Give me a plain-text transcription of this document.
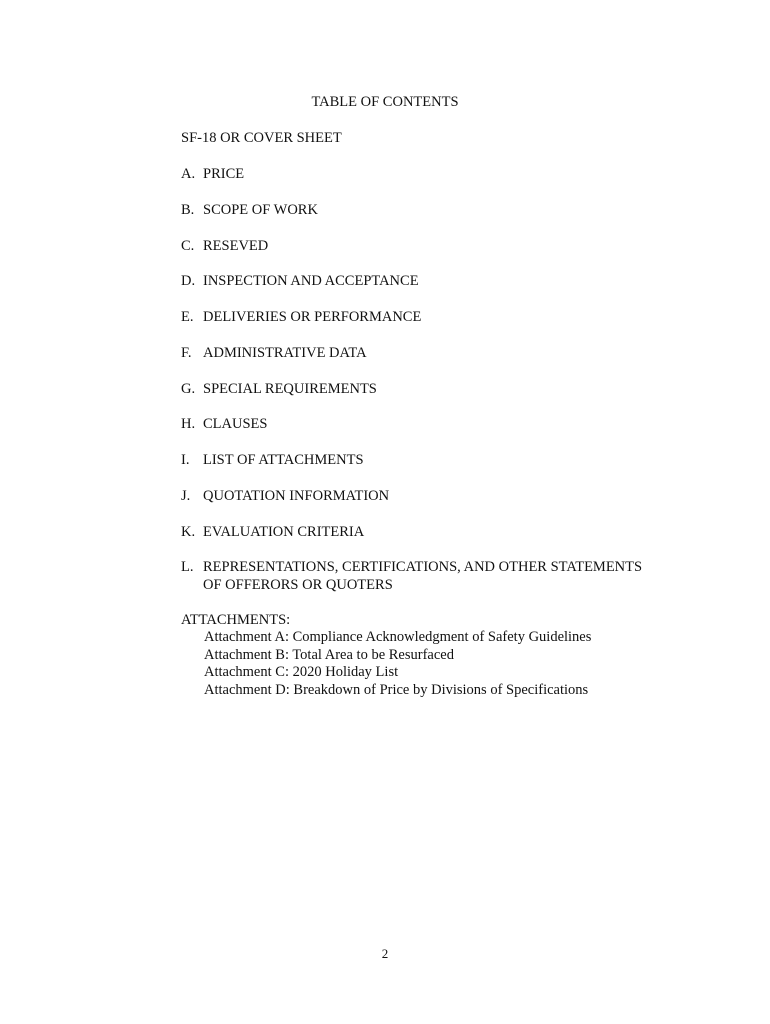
TABLE OF CONTENTS
SF-18 OR COVER SHEET
A. PRICE
B. SCOPE OF WORK
C. RESEVED
D. INSPECTION AND ACCEPTANCE
E. DELIVERIES OR PERFORMANCE
F. ADMINISTRATIVE DATA
G. SPECIAL REQUIREMENTS
H. CLAUSES
I. LIST OF ATTACHMENTS
J. QUOTATION INFORMATION
K. EVALUATION CRITERIA
L. REPRESENTATIONS, CERTIFICATIONS, AND OTHER STATEMENTS
OF OFFERORS OR QUOTERS
ATTACHMENTS:
Attachment A: Compliance Acknowledgment of Safety Guidelines
Attachment B: Total Area to be Resurfaced
Attachment C: 2020 Holiday List
Attachment D: Breakdown of Price by Divisions of Specifications
2
